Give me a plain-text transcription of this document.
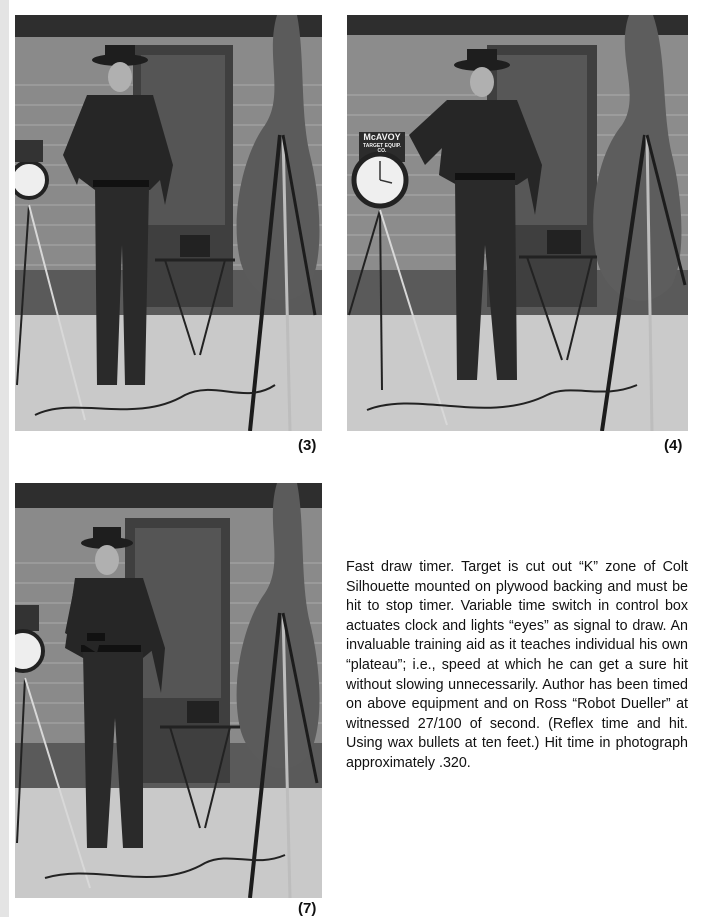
(3)
McAVOY
TARGET EQUIP. CO.
(4)
(7)
Fast draw timer. Target is cut out “K” zone of Colt Silhouette mounted on plywood backing and must be hit to stop timer. Variable time switch in control box actuates clock and lights “eyes” as signal to draw. An invaluable training aid as it teaches individual his own “plateau”; i.e., speed at which he can get a sure hit without slowing unnecessarily. Author has been timed on above equipment and on Ross “Robot Dueller” at witnessed 27/100 of second. (Reflex time and hit. Using wax bullets at ten feet.) Hit time in photograph approximately .320.
